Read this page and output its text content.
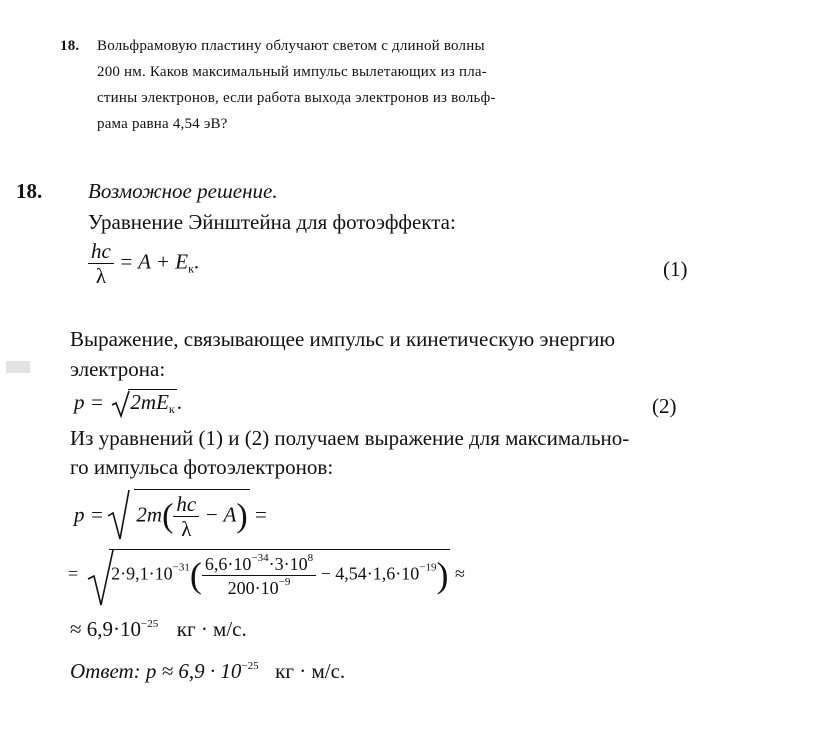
18. Вольфрамовую пластину облучают светом с длиной волны
200 нм. Каков максимальный импульс вылетающих из пла-
стины электронов, если работа выхода электронов из вольф-
рама равна 4,54 эВ?
18. Возможное решение.
Уравнение Эйнштейна для фотоэффекта:
$\frac{hc}{\lambda} = A + E_к$.	(1)
Выражение, связывающее импульс и кинетическую энергию
электрона:
$p = 2mE_к$.	(2)
Из уравнений (1) и (2) получаем выражение для максимально-
го импульса фотоэлектронов:
$p = 2m( \frac{hc}{\lambda} - A)$ =
= $2\cdot 9,1\cdot 10^{-31}( \frac{6,6\cdot 10^{-34}\cdot 3\cdot 10^8}{200\cdot 10^{-9}} - 4,54\cdot 1,6\cdot 10^{-19})$ ≈
≈ $6,9\cdot 10^{-25}$ кг · м/с.
Ответ: $p \approx 6,9 \cdot 10^{-25}$ кг · м/с.
